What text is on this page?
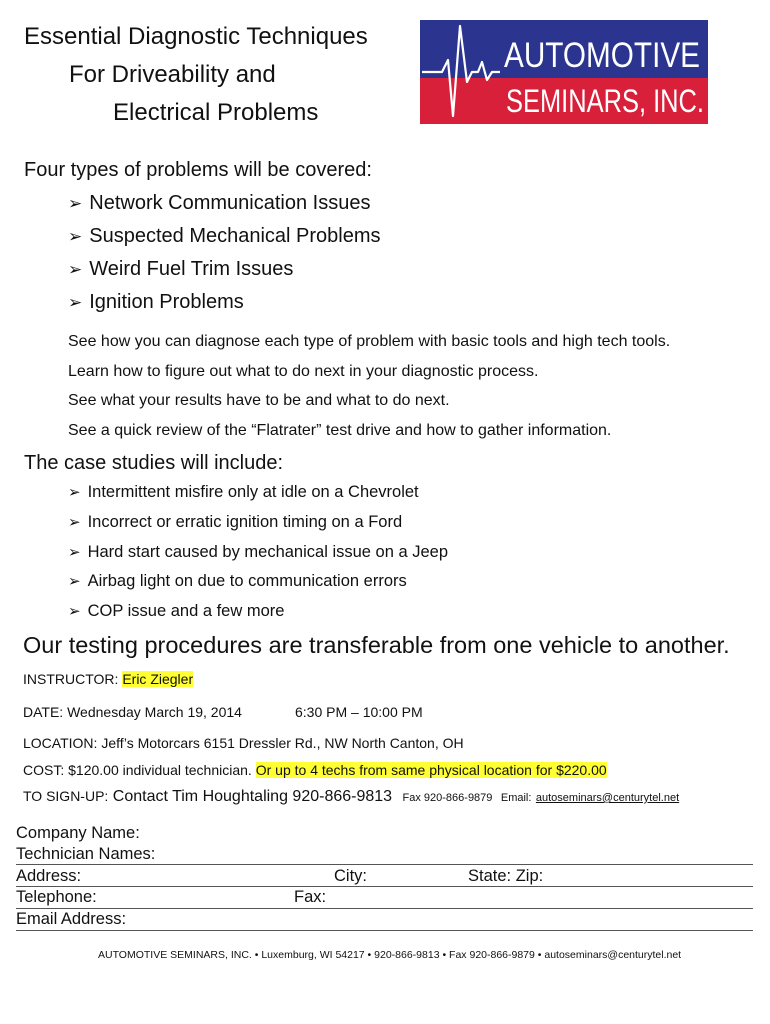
Essential Diagnostic Techniques
For Driveability and
Electrical Problems
AUTOMOTIVE
SEMINARS, INC.
Four types of problems will be covered:
➢ Network Communication Issues
➢ Suspected Mechanical Problems
➢ Weird Fuel Trim Issues
➢ Ignition Problems
See how you can diagnose each type of problem with basic tools and high tech tools.
Learn how to figure out what to do next in your diagnostic process.
See what your results have to be and what to do next.
See a quick review of the “Flatrater” test drive and how to gather information.
The case studies will include:
➢ Intermittent misfire only at idle on a Chevrolet
➢ Incorrect or erratic ignition timing on a Ford
➢ Hard start caused by mechanical issue on a Jeep
➢ Airbag light on due to communication errors
➢ COP issue and a few more
Our testing procedures are transferable from one vehicle to another.
INSTRUCTOR: Eric Ziegler
DATE: Wednesday March 19, 2014	6:30 PM – 10:00 PM
LOCATION: Jeff’s Motorcars 6151 Dressler Rd., NW North Canton, OH
COST: $120.00 individual technician. Or up to 4 techs from same physical location for $220.00
TO SIGN-UP: Contact Tim Houghtaling 920-866-9813 Fax 920-866-9879 Email: autoseminars@centurytel.net
Company Name:
Technician Names:
Address:	City:	State: Zip:
Telephone:	Fax:
Email Address:
AUTOMOTIVE SEMINARS, INC. • Luxemburg, WI 54217 • 920-866-9813 • Fax 920-866-9879 • autoseminars@centurytel.net
